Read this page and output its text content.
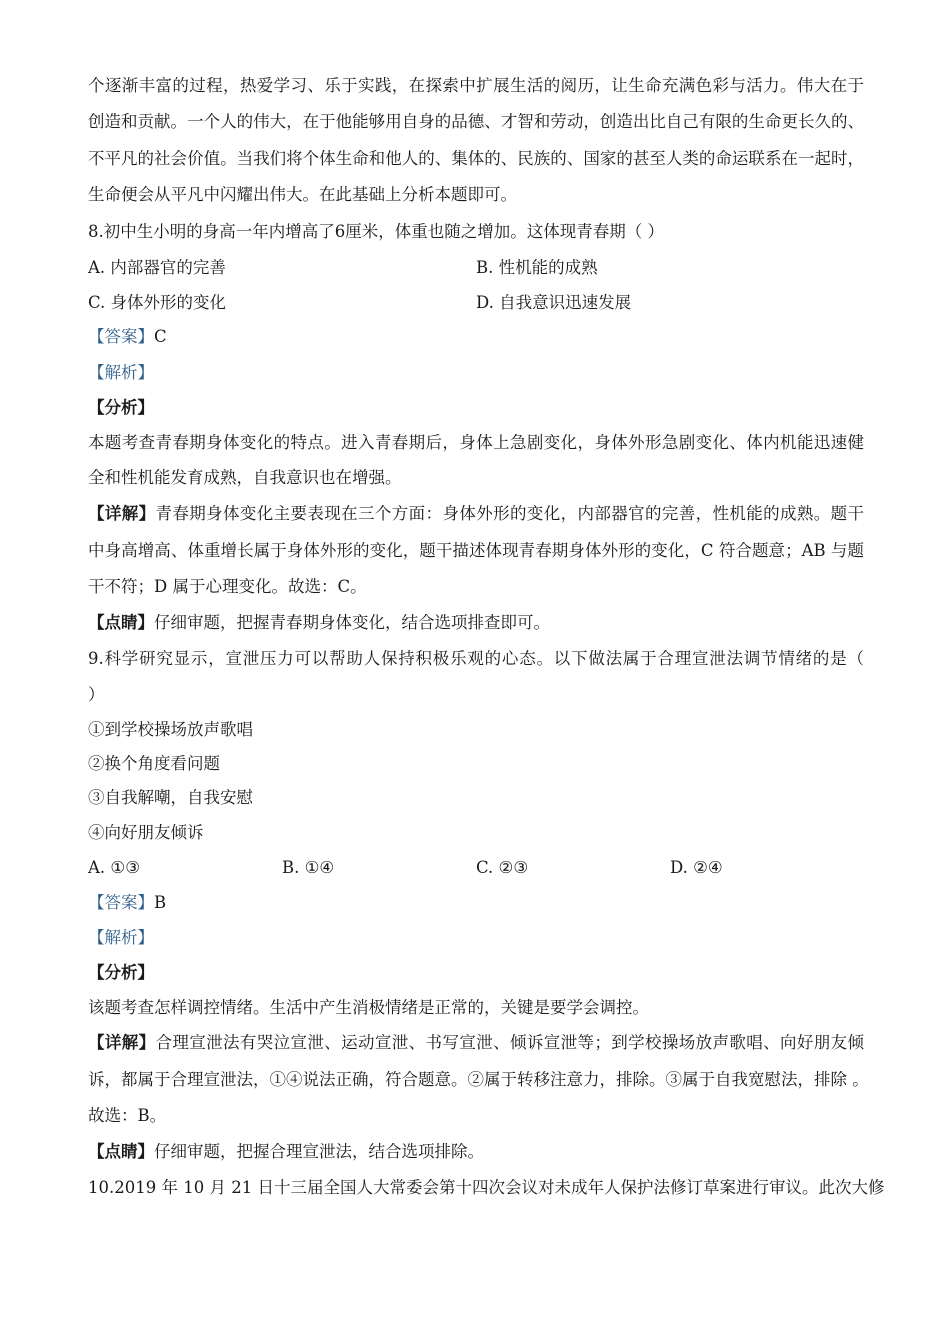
个逐渐丰富的过程，热爱学习、乐于实践，在探索中扩展生活的阅历，让生命充满色彩与活力。伟大在于
创造和贡献。一个人的伟大，在于他能够用自身的品德、才智和劳动，创造出比自己有限的生命更长久的、
不平凡的社会价值。当我们将个体生命和他人的、集体的、民族的、国家的甚至人类的命运联系在一起时，
生命便会从平凡中闪耀出伟大。在此基础上分析本题即可。
8.初中生小明的身高一年内增高了6厘米，体重也随之增加。这体现青春期（ ）
A. 内部器官的完善	B. 性机能的成熟
C. 身体外形的变化	D. 自我意识迅速发展
【答案】C
【解析】
【分析】
本题考查青春期身体变化的特点。进入青春期后，身体上急剧变化，身体外形急剧变化、体内机能迅速健
全和性机能发育成熟，自我意识也在增强。
【详解】青春期身体变化主要表现在三个方面：身体外形的变化，内部器官的完善，性机能的成熟。题干
中身高增高、体重增长属于身体外形的变化，题干描述体现青春期身体外形的变化，C 符合题意；AB 与题
干不符；D 属于心理变化。故选：C。
【点睛】仔细审题，把握青春期身体变化，结合选项排查即可。
9.科学研究显示，宣泄压力可以帮助人保持积极乐观的心态。以下做法属于合理宣泄法调节情绪的是（
）
①到学校操场放声歌唱
②换个角度看问题
③自我解嘲，自我安慰
④向好朋友倾诉
A. ①③	B. ①④	C. ②③	D. ②④
【答案】B
【解析】
【分析】
该题考查怎样调控情绪。生活中产生消极情绪是正常的，关键是要学会调控。
【详解】合理宣泄法有哭泣宣泄、运动宣泄、书写宣泄、倾诉宣泄等；到学校操场放声歌唱、向好朋友倾
诉，都属于合理宣泄法，①④说法正确，符合题意。②属于转移注意力，排除。③属于自我宽慰法，排除 。
故选：B。
【点睛】仔细审题，把握合理宣泄法，结合选项排除。
10.2019 年 10 月 21 日十三届全国人大常委会第十四次会议对未成年人保护法修订草案进行审议。此次大修
